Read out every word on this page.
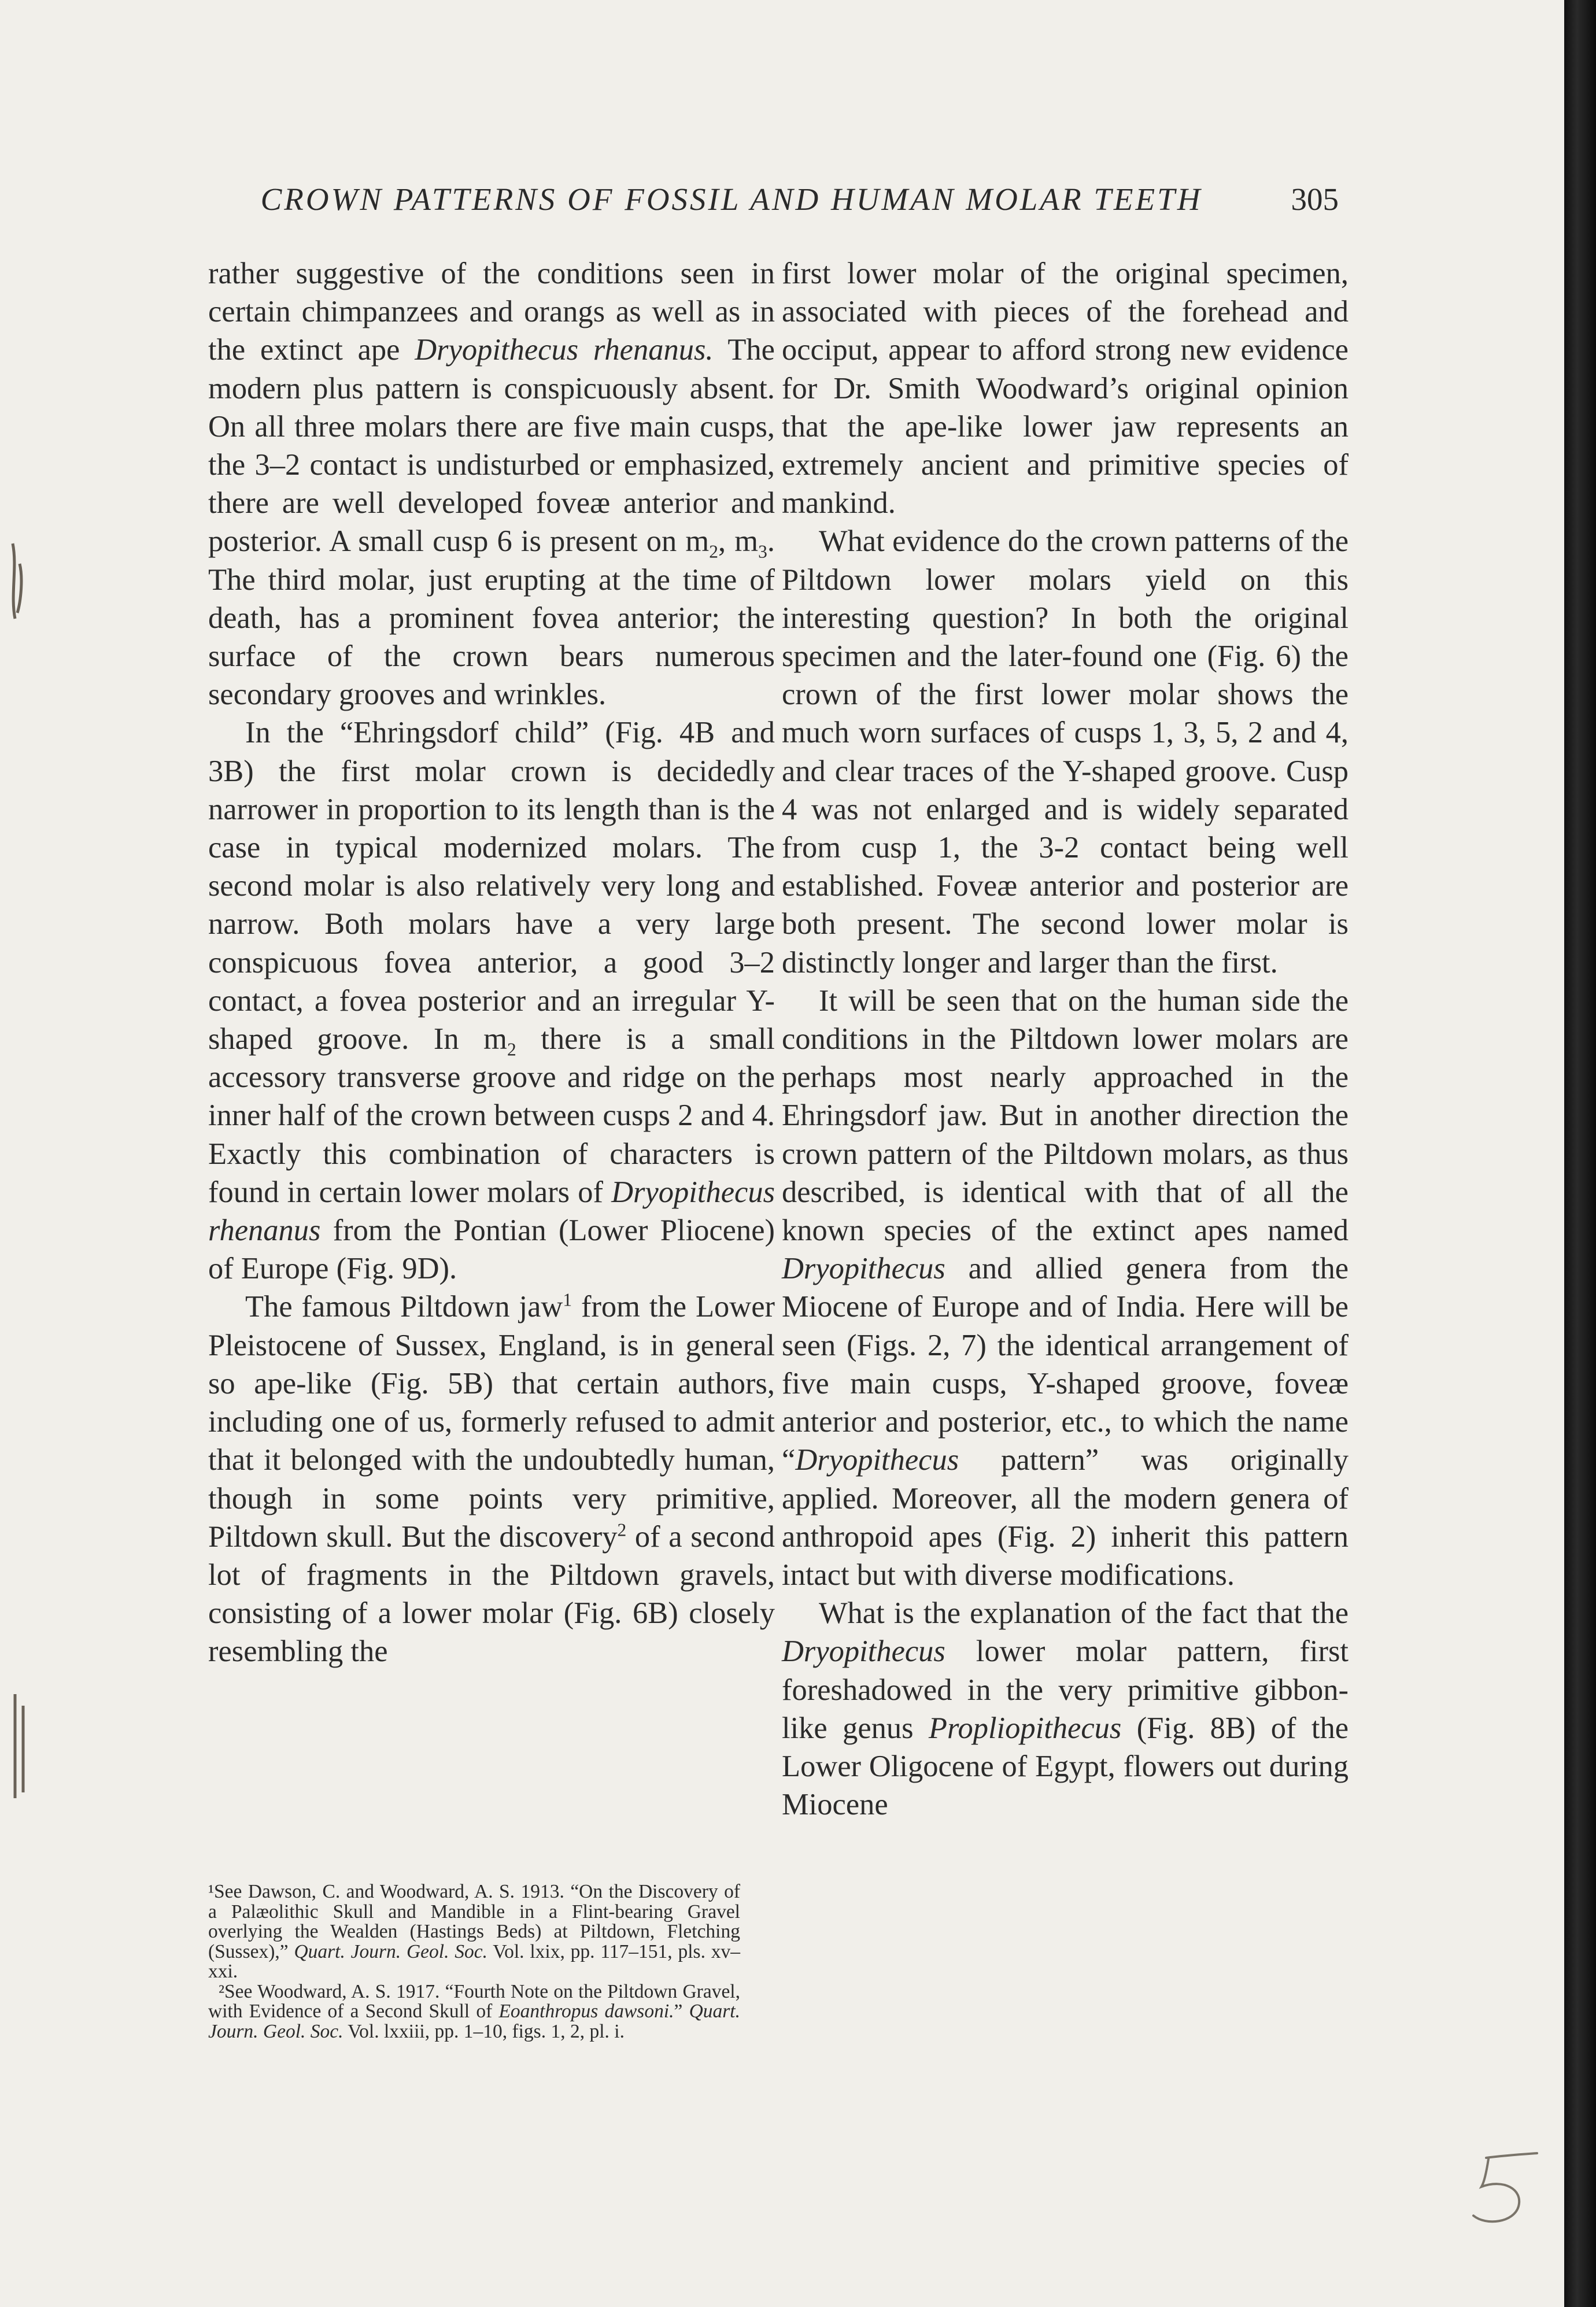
CROWN PATTERNS OF FOSSIL AND HUMAN MOLAR TEETH	305

rather suggestive of the conditions seen in certain chimpanzees and orangs as well as in the extinct ape Dryopithecus rhenanus. The modern plus pattern is conspicuously absent. On all three molars there are five main cusps, the 3–2 contact is undisturbed or emphasized, there are well developed foveæ anterior and posterior. A small cusp 6 is present on $m_2$, $m_3$. The third molar, just erupting at the time of death, has a prominent fovea anterior; the surface of the crown bears numerous secondary grooves and wrinkles.

In the “Ehringsdorf child” (Fig. 4B and 3B) the first molar crown is decidedly narrower in proportion to its length than is the case in typical modernized molars. The second molar is also relatively very long and narrow. Both molars have a very large conspicuous fovea anterior, a good 3–2 contact, a fovea posterior and an irregular Y-shaped groove. In $m_2$ there is a small accessory transverse groove and ridge on the inner half of the crown between cusps 2 and 4. Exactly this combination of characters is found in certain lower molars of Dryopithecus rhenanus from the Pontian (Lower Pliocene) of Europe (Fig. 9D).

The famous Piltdown jaw$^1$ from the Lower Pleistocene of Sussex, England, is in general so ape-like (Fig. 5B) that certain authors, including one of us, formerly refused to admit that it belonged with the undoubtedly human, though in some points very primitive, Piltdown skull. But the discovery$^2$ of a second lot of fragments in the Piltdown gravels, consisting of a lower molar (Fig. 6B) closely resembling the

¹See Dawson, C. and Woodward, A. S. 1913. “On the Discovery of a Palæolithic Skull and Mandible in a Flint-bearing Gravel overlying the Wealden (Hastings Beds) at Piltdown, Fletching (Sussex),” Quart. Journ. Geol. Soc. Vol. lxix, pp. 117–151, pls. xv–xxi.

²See Woodward, A. S. 1917. “Fourth Note on the Piltdown Gravel, with Evidence of a Second Skull of Eoanthropus dawsoni.” Quart. Journ. Geol. Soc. Vol. lxxiii, pp. 1–10, figs. 1, 2, pl. i.

first lower molar of the original specimen, associated with pieces of the forehead and occiput, appear to afford strong new evidence for Dr. Smith Woodward’s original opinion that the ape-like lower jaw represents an extremely ancient and primitive species of mankind.

What evidence do the crown patterns of the Piltdown lower molars yield on this interesting question? In both the original specimen and the later-found one (Fig. 6) the crown of the first lower molar shows the much worn surfaces of cusps 1, 3, 5, 2 and 4, and clear traces of the Y-shaped groove. Cusp 4 was not enlarged and is widely separated from cusp 1, the 3-2 contact being well established. Foveæ anterior and posterior are both present. The second lower molar is distinctly longer and larger than the first.

It will be seen that on the human side the conditions in the Piltdown lower molars are perhaps most nearly approached in the Ehringsdorf jaw. But in another direction the crown pattern of the Piltdown molars, as thus described, is identical with that of all the known species of the extinct apes named Dryopithecus and allied genera from the Miocene of Europe and of India. Here will be seen (Figs. 2, 7) the identical arrangement of five main cusps, Y-shaped groove, foveæ anterior and posterior, etc., to which the name “Dryopithecus pattern” was originally applied. Moreover, all the modern genera of anthropoid apes (Fig. 2) inherit this pattern intact but with diverse modifications.

What is the explanation of the fact that the Dryopithecus lower molar pattern, first foreshadowed in the very primitive gibbon-like genus Propliopithecus (Fig. 8B) of the Lower Oligocene of Egypt, flowers out during Miocene
